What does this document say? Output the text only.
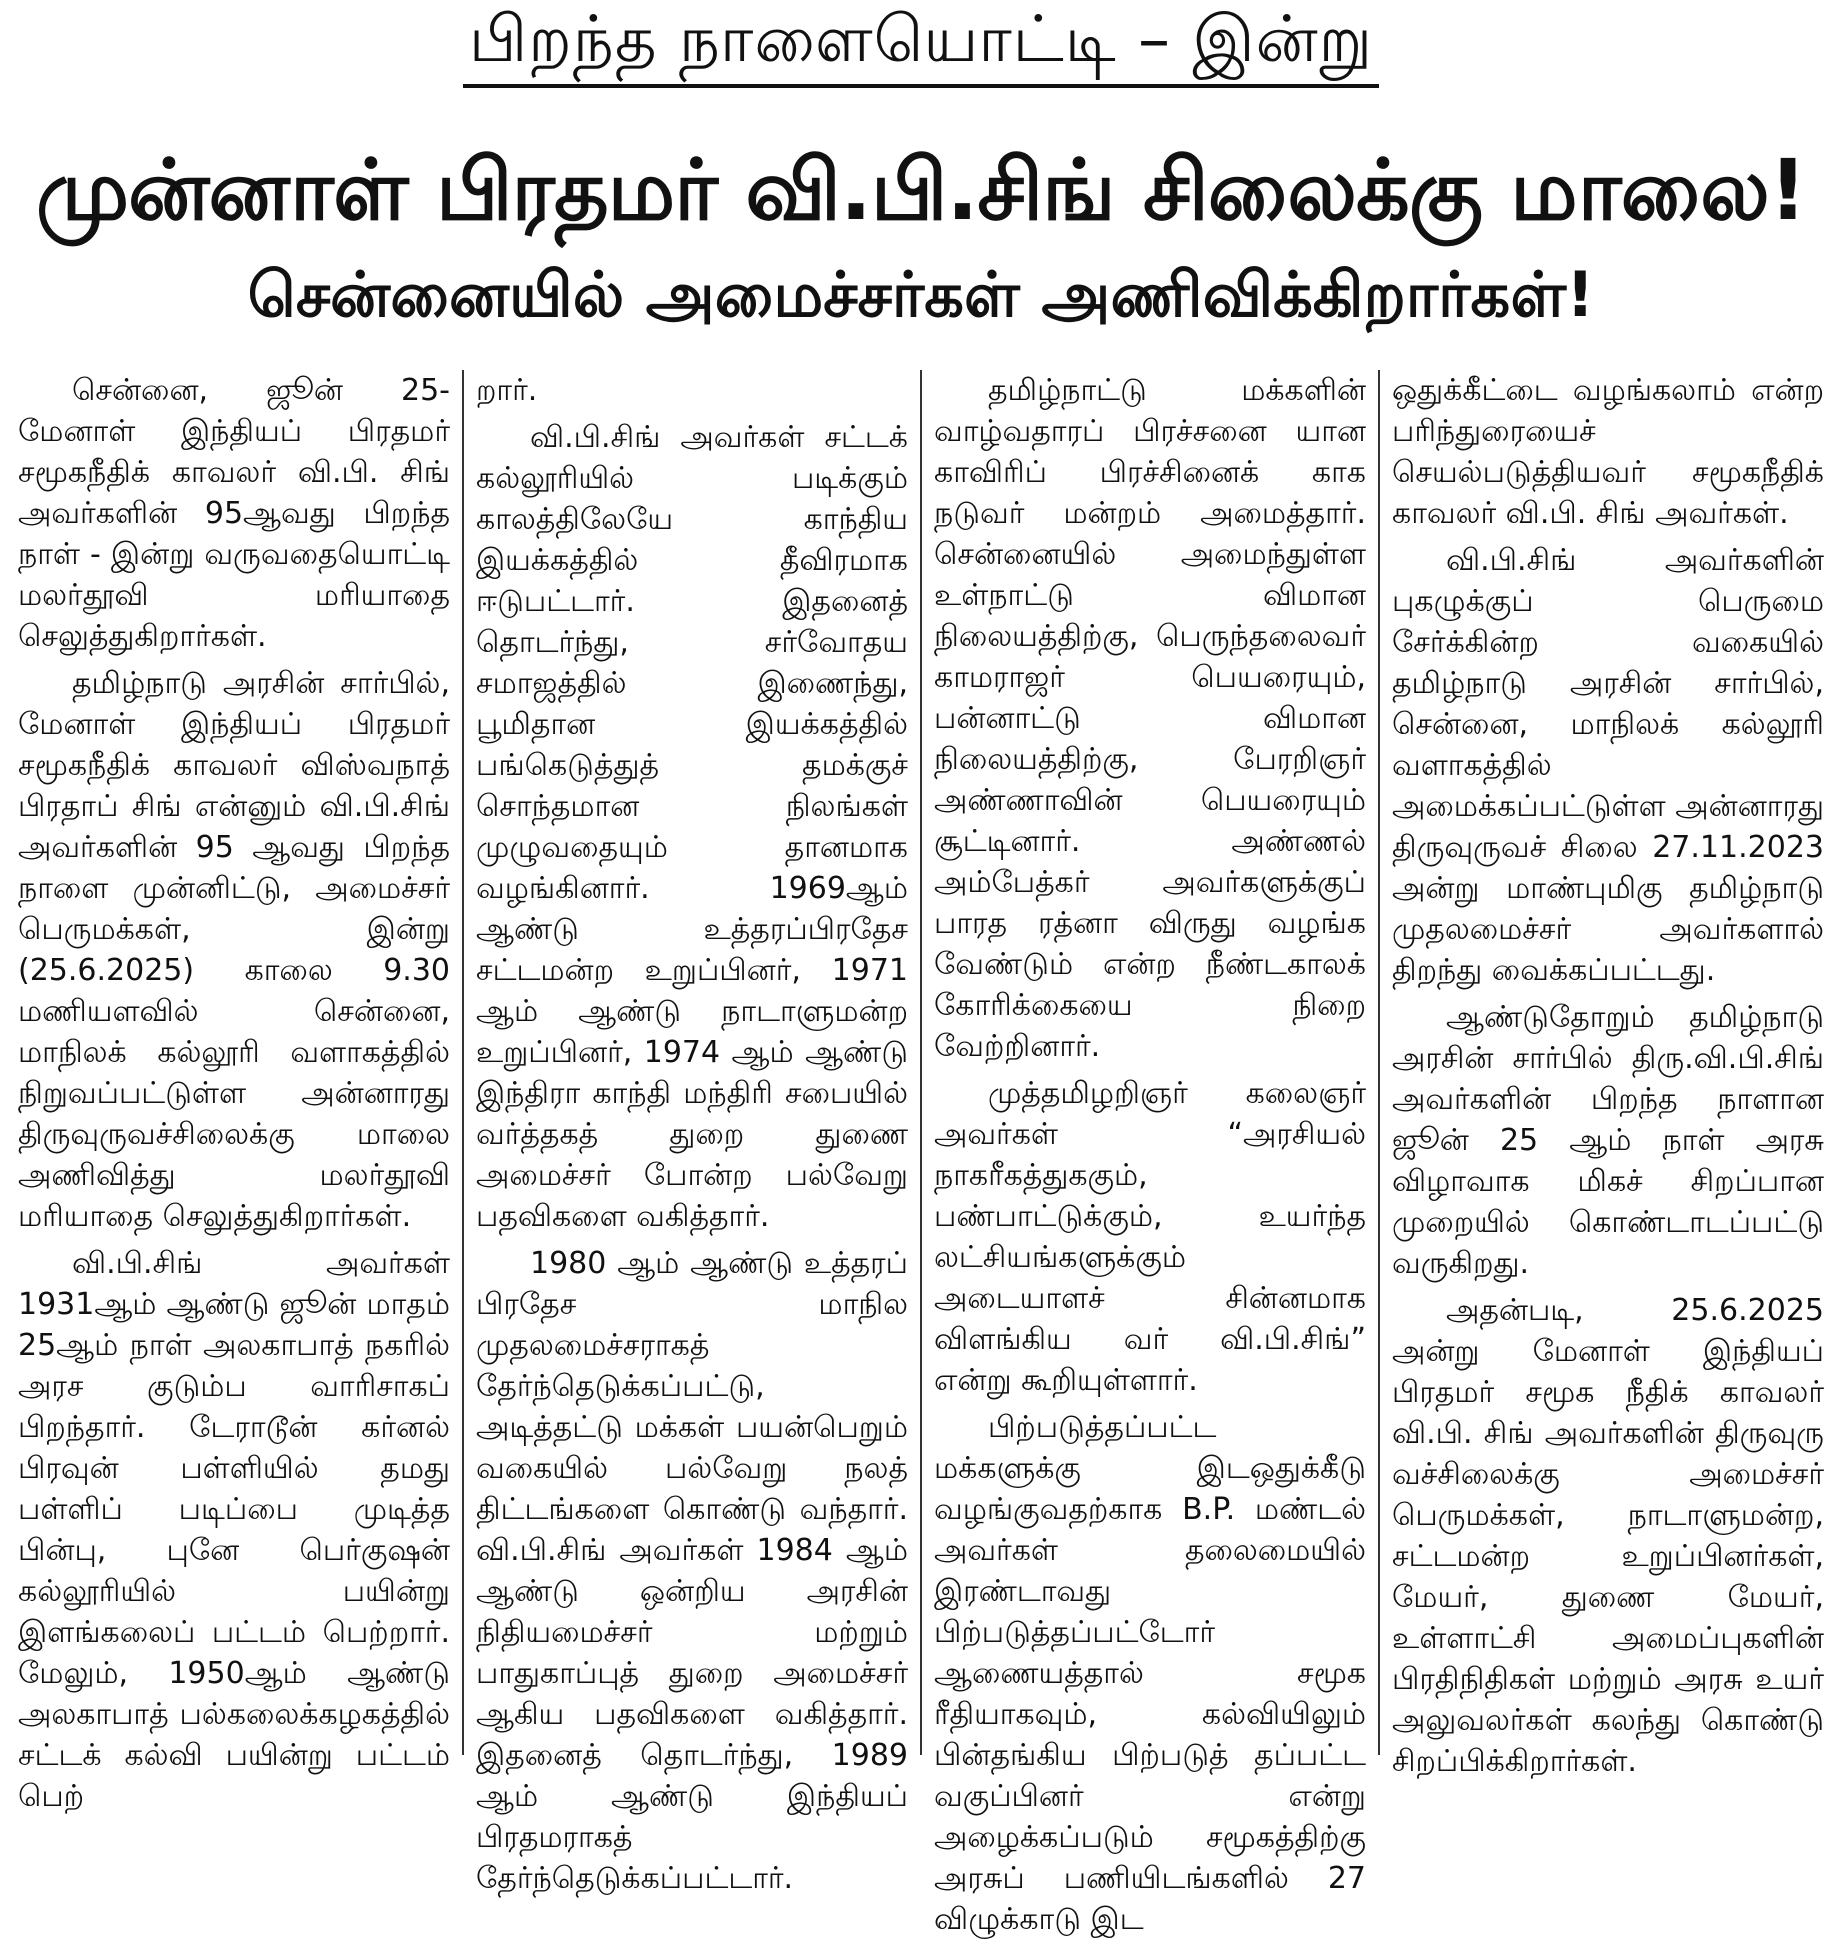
பிறந்த நாளையொட்டி – இன்று
முன்னாள் பிரதமர் வி.பி.சிங் சிலைக்கு மாலை!
சென்னையில் அமைச்சர்கள் அணிவிக்கிறார்கள்!

சென்னை, ஜூன் 25- மேனாள் இந்தியப் பிரதமர் சமூகநீதிக் காவலர் வி.பி. சிங் அவர்களின் 95ஆவது பிறந்த நாள் - இன்று வருவதையொட்டி மலர்தூவி மரியாதை செலுத்துகிறார்கள்.

தமிழ்நாடு அரசின் சார்பில், மேனாள் இந்தியப் பிரதமர் சமூகநீதிக் காவலர் விஸ்வநாத் பிரதாப் சிங் என்னும் வி.பி.சிங் அவர்களின் 95 ஆவது பிறந்த நாளை முன்னிட்டு, அமைச்சர் பெருமக்கள், இன்று (25.6.2025) காலை 9.30 மணியளவில் சென்னை, மாநிலக் கல்லூரி வளாகத்தில் நிறுவப்பட்டுள்ள அன்னாரது திருவுருவச்சிலைக்கு மாலை அணிவித்து மலர்தூவி மரியாதை செலுத்துகிறார்கள்.

வி.பி.சிங் அவர்கள் 1931ஆம் ஆண்டு ஜூன் மாதம் 25ஆம் நாள் அலகாபாத் நகரில் அரச குடும்ப வாரிசாகப் பிறந்தார். டேராடூன் கர்னல் பிரவுன் பள்ளியில் தமது பள்ளிப் படிப்பை முடித்த பின்பு, புனே பெர்குஷன் கல்லூரியில் பயின்று இளங்கலைப் பட்டம் பெற்றார். மேலும், 1950ஆம் ஆண்டு அலகாபாத் பல்கலைக்கழகத்தில் சட்டக் கல்வி பயின்று பட்டம் பெற்

றார்.

வி.பி.சிங் அவர்கள் சட்டக் கல்லூரியில் படிக்கும் காலத்திலேயே காந்திய இயக்கத்தில் தீவிரமாக ஈடுபட்டார். இதனைத் தொடர்ந்து, சர்வோதய சமாஜத்தில் இணைந்து, பூமிதான இயக்கத்தில் பங்கெடுத்துத் தமக்குச் சொந்தமான நிலங்கள் முழுவதையும் தானமாக வழங்கினார். 1969ஆம் ஆண்டு உத்தரப்பிரதேச சட்டமன்ற உறுப்பினர், 1971 ஆம் ஆண்டு நாடாளுமன்ற உறுப்பினர், 1974 ஆம் ஆண்டு இந்திரா காந்தி மந்திரி சபையில் வர்த்தகத் துறை துணை அமைச்சர் போன்ற பல்வேறு பதவிகளை வகித்தார்.

1980 ஆம் ஆண்டு உத்தரப் பிரதேச மாநில முதலமைச்சராகத் தேர்ந்தெடுக்கப்பட்டு, அடித்தட்டு மக்கள் பயன்பெறும் வகையில் பல்வேறு நலத் திட்டங்களை கொண்டு வந்தார். வி.பி.சிங் அவர்கள் 1984 ஆம் ஆண்டு ஒன்றிய அரசின் நிதியமைச்சர் மற்றும் பாதுகாப்புத் துறை அமைச்சர் ஆகிய பதவிகளை வகித்தார். இதனைத் தொடர்ந்து, 1989 ஆம் ஆண்டு இந்தியப் பிரதமராகத் தேர்ந்தெடுக்கப்பட்டார்.

தமிழ்நாட்டு மக்களின் வாழ்வதாரப் பிரச்சனை யான காவிரிப் பிரச்சினைக் காக நடுவர் மன்றம் அமைத்தார். சென்னையில் அமைந்துள்ள உள்நாட்டு விமான நிலையத்திற்கு, பெருந்தலைவர் காமராஜர் பெயரையும், பன்னாட்டு விமான நிலையத்திற்கு, பேரறிஞர் அண்ணாவின் பெயரையும் சூட்டினார். அண்ணல் அம்பேத்கர் அவர்களுக்குப் பாரத ரத்னா விருது வழங்க வேண்டும் என்ற நீண்டகாலக் கோரிக்கையை நிறை வேற்றினார்.

முத்தமிழறிஞர் கலைஞர் அவர்கள் “அரசியல் நாகரீகத்துககும், பண்பாட்டுக்கும், உயர்ந்த லட்சியங்களுக்கும் அடையாளச் சின்னமாக விளங்கிய வர் வி.பி.சிங்” என்று கூறியுள்ளார்.

பிற்படுத்தப்பட்ட மக்களுக்கு இடஒதுக்கீடு வழங்குவதற்காக B.P. மண்டல் அவர்கள் தலைமையில் இரண்டாவது பிற்படுத்தப்பட்டோர் ஆணையத்தால் சமூக ரீதியாகவும், கல்வியிலும் பின்தங்கிய பிற்படுத் தப்பட்ட வகுப்பினர் என்று அழைக்கப்படும் சமூகத்திற்கு அரசுப் பணியிடங்களில் 27 விழுக்காடு இட

ஒதுக்கீட்டை வழங்கலாம் என்ற பரிந்துரையைச் செயல்படுத்தியவர் சமூகநீதிக் காவலர் வி.பி. சிங் அவர்கள்.

வி.பி.சிங் அவர்களின் புகழுக்குப் பெருமை சேர்க்கின்ற வகையில் தமிழ்நாடு அரசின் சார்பில், சென்னை, மாநிலக் கல்லூரி வளாகத்தில் அமைக்கப்பட்டுள்ள அன்னாரது திருவுருவச் சிலை 27.11.2023 அன்று மாண்புமிகு தமிழ்நாடு முதலமைச்சர் அவர்களால் திறந்து வைக்கப்பட்டது.

ஆண்டுதோறும் தமிழ்நாடு அரசின் சார்பில் திரு.வி.பி.சிங் அவர்களின் பிறந்த நாளான ஜூன் 25 ஆம் நாள் அரசு விழாவாக மிகச் சிறப்பான முறையில் கொண்டாடப்பட்டு வருகிறது.

அதன்படி, 25.6.2025 அன்று மேனாள் இந்தியப் பிரதமர் சமூக நீதிக் காவலர் வி.பி. சிங் அவர்களின் திருவுரு வச்சிலைக்கு அமைச்சர் பெருமக்கள், நாடாளுமன்ற, சட்டமன்ற உறுப்பினர்கள், மேயர், துணை மேயர், உள்ளாட்சி அமைப்புகளின் பிரதிநிதிகள் மற்றும் அரசு உயர் அலுவலர்கள் கலந்து கொண்டு சிறப்பிக்கிறார்கள்.
